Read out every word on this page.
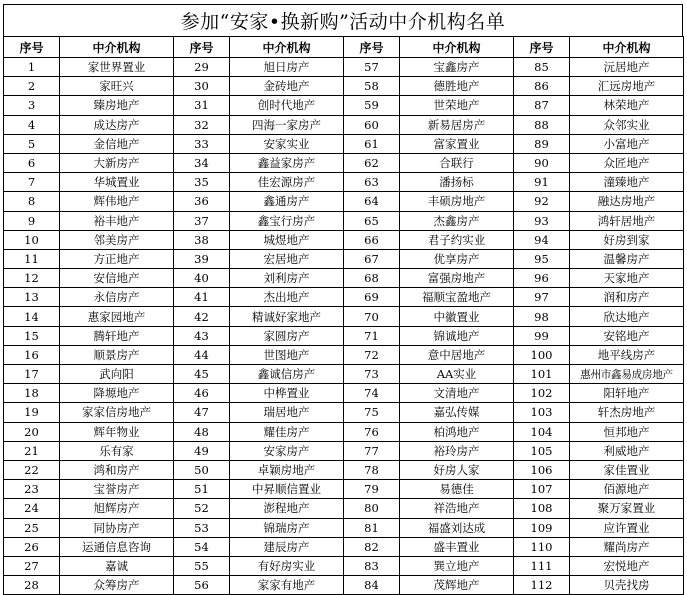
参加“安家•换新购”活动中介机构名单
序号	中介机构	序号	中介机构	序号	中介机构	序号	中介机构
1	家世界置业	29	旭日房产	57	宝鑫房产	85	沅居地产
2	家旺兴	30	金砖地产	58	德胜地产	86	汇远房地产
3	臻房地产	31	创时代地产	59	世荣地产	87	林荣地产
4	成达房产	32	四海一家房产	60	新易居房产	88	众邻实业
5	金信地产	33	安家实业	61	富家置业	89	小富地产
6	大新房产	34	鑫益家房产	62	合联行	90	众匠地产
7	华城置业	35	佳宏源房产	63	潘扬标	91	潼臻地产
8	辉伟地产	36	鑫通房产	64	丰硕房地产	92	融达房地产
9	裕丰地产	37	鑫宝行房产	65	杰鑫房产	93	鸿轩居地产
10	邻美房产	38	城煜地产	66	君子约实业	94	好房到家
11	方正地产	39	宏居地产	67	优享房产	95	温馨房产
12	安信地产	40	刘利房产	68	富强房地产	96	天家地产
13	永信房产	41	杰出地产	69	福顺宝盈地产	97	润和房产
14	惠家园地产	42	精诚好家地产	70	中徽置业	98	欣达地产
15	腾轩地产	43	家圆房产	71	锦诚地产	99	安铭地产
16	顺景房产	44	世图地产	72	意中居地产	100	地平线房产
17	武向阳	45	鑫诚信房产	73	AA实业	101	惠州市鑫易成房地产
18	降塬地产	46	中桦置业	74	文清地产	102	阳轩地产
19	家家信房地产	47	瑞居地产	75	嘉弘传媒	103	轩杰房地产
20	辉年物业	48	耀佳房产	76	柏鸿地产	104	恒邦地产
21	乐有家	49	安家房产	77	裕玲房产	105	利威地产
22	鸿和房产	50	卓颖房地产	78	好房人家	106	家佳置业
23	宝誉房产	51	中昇顺信置业	79	易德佳	107	佰源地产
24	旭辉房产	52	澎程地产	80	祥浩地产	108	聚万家置业
25	同协房产	53	锦瑞房产	81	福盛刘达成	109	应许置业
26	运通信息咨询	54	建辰房产	82	盛丰置业	110	耀尚房产
27	嘉诚	55	有好房实业	83	巽立地产	111	宏悦地产
28	众筹房产	56	家家有地产	84	茂辉地产	112	贝壳找房
